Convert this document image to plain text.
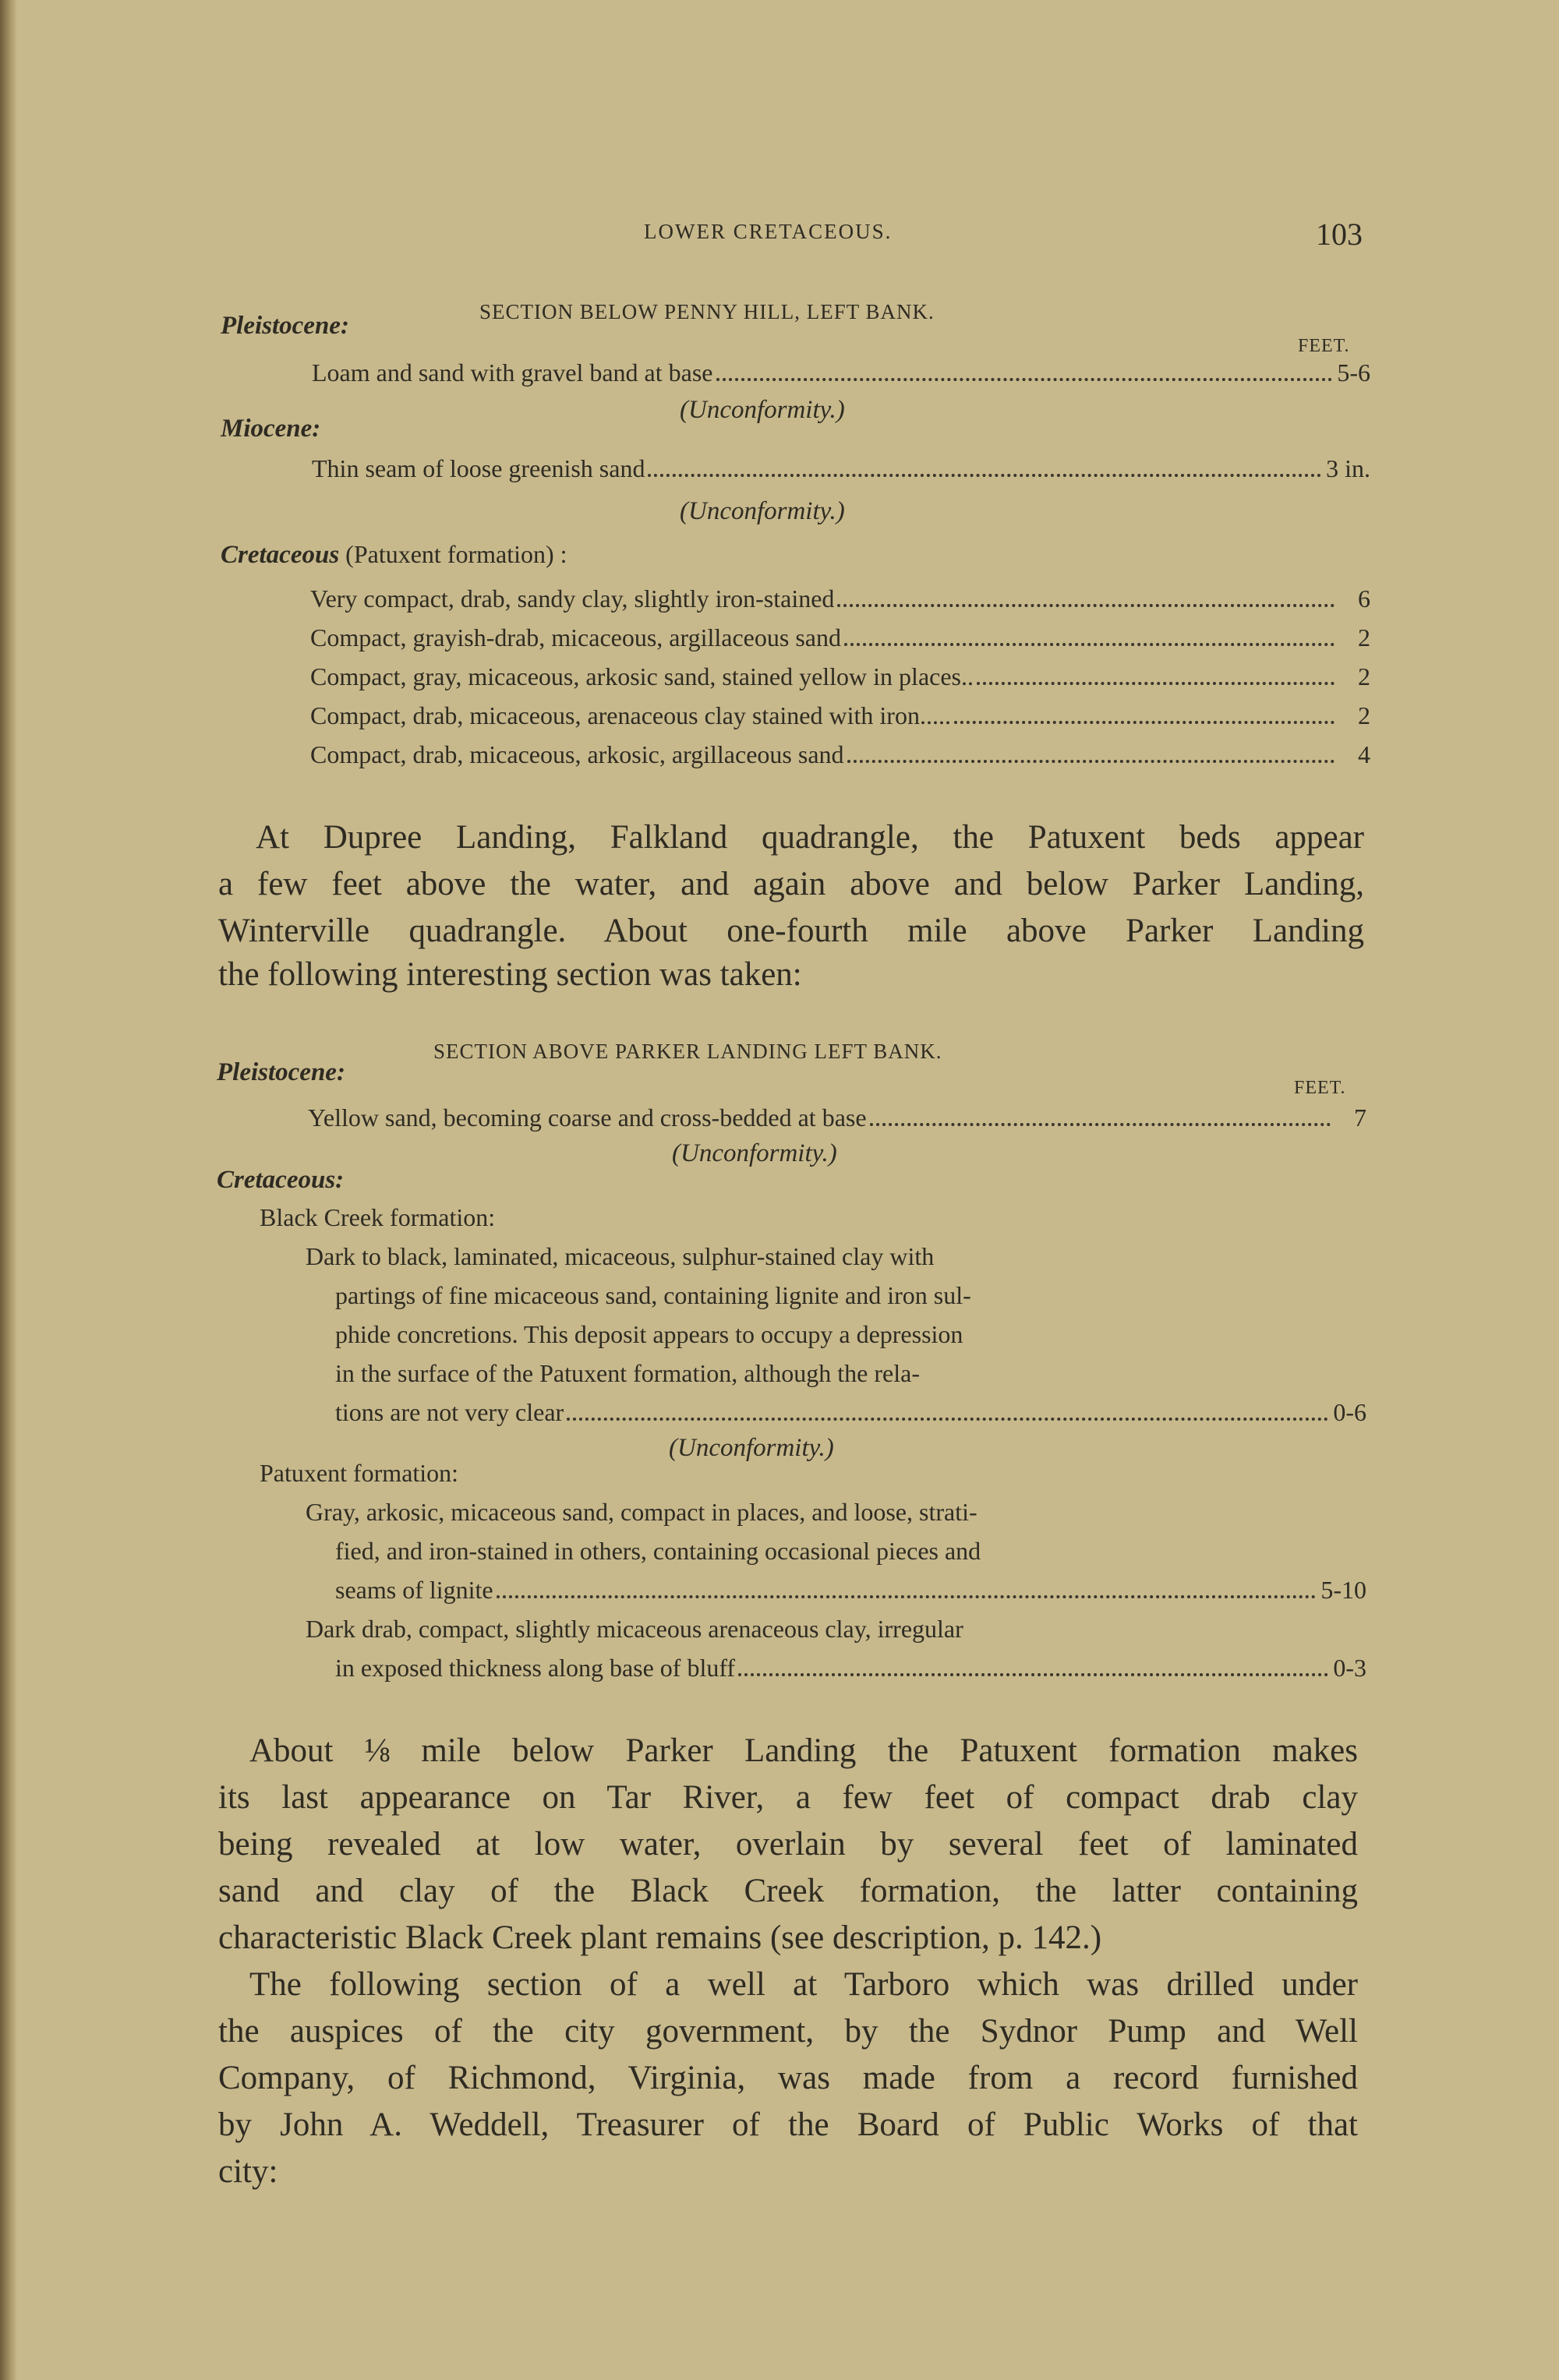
LOWER CRETACEOUS.	103
SECTION BELOW PENNY HILL, LEFT BANK.
Pleistocene:
FEET.
Loam and sand with gravel band at base	5-6
(Unconformity.)
Miocene:
Thin seam of loose greenish sand	3 in.
(Unconformity.)
Cretaceous (Patuxent formation) :
Very compact, drab, sandy clay, slightly iron-stained	6
Compact, grayish-drab, micaceous, argillaceous sand	2
Compact, gray, micaceous, arkosic sand, stained yellow in places..	2
Compact, drab, micaceous, arenaceous clay stained with iron.....	2
Compact, drab, micaceous, arkosic, argillaceous sand	4
At Dupree Landing, Falkland quadrangle, the Patuxent beds appear
a few feet above the water, and again above and below Parker Landing,
Winterville quadrangle. About one-fourth mile above Parker Landing
the following interesting section was taken:
SECTION ABOVE PARKER LANDING LEFT BANK.
Pleistocene:
FEET.
Yellow sand, becoming coarse and cross-bedded at base	7
(Unconformity.)
Cretaceous:
Black Creek formation:
Dark to black, laminated, micaceous, sulphur-stained clay with
partings of fine micaceous sand, containing lignite and iron sul-
phide concretions. This deposit appears to occupy a depression
in the surface of the Patuxent formation, although the rela-
tions are not very clear	0-6
(Unconformity.)
Patuxent formation:
Gray, arkosic, micaceous sand, compact in places, and loose, strati-
fied, and iron-stained in others, containing occasional pieces and
seams of lignite	5-10
Dark drab, compact, slightly micaceous arenaceous clay, irregular
in exposed thickness along base of bluff	0-3
About ⅛ mile below Parker Landing the Patuxent formation makes
its last appearance on Tar River, a few feet of compact drab clay
being revealed at low water, overlain by several feet of laminated
sand and clay of the Black Creek formation, the latter containing
characteristic Black Creek plant remains (see description, p. 142.)
The following section of a well at Tarboro which was drilled under
the auspices of the city government, by the Sydnor Pump and Well
Company, of Richmond, Virginia, was made from a record furnished
by John A. Weddell, Treasurer of the Board of Public Works of that
city:
